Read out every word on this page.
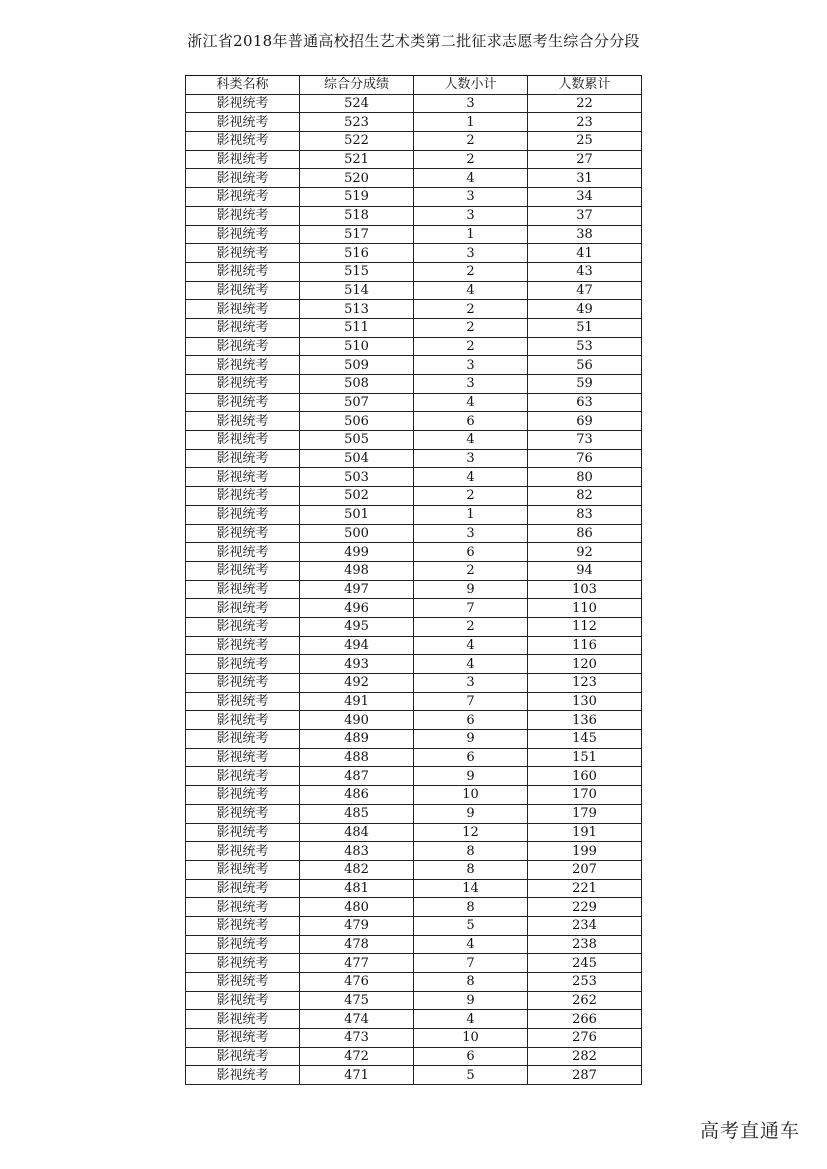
浙江省2018年普通高校招生艺术类第二批征求志愿考生综合分分段
科类名称	综合分成绩	人数小计	人数累计
影视统考	524	3	22
影视统考	523	1	23
影视统考	522	2	25
影视统考	521	2	27
影视统考	520	4	31
影视统考	519	3	34
影视统考	518	3	37
影视统考	517	1	38
影视统考	516	3	41
影视统考	515	2	43
影视统考	514	4	47
影视统考	513	2	49
影视统考	511	2	51
影视统考	510	2	53
影视统考	509	3	56
影视统考	508	3	59
影视统考	507	4	63
影视统考	506	6	69
影视统考	505	4	73
影视统考	504	3	76
影视统考	503	4	80
影视统考	502	2	82
影视统考	501	1	83
影视统考	500	3	86
影视统考	499	6	92
影视统考	498	2	94
影视统考	497	9	103
影视统考	496	7	110
影视统考	495	2	112
影视统考	494	4	116
影视统考	493	4	120
影视统考	492	3	123
影视统考	491	7	130
影视统考	490	6	136
影视统考	489	9	145
影视统考	488	6	151
影视统考	487	9	160
影视统考	486	10	170
影视统考	485	9	179
影视统考	484	12	191
影视统考	483	8	199
影视统考	482	8	207
影视统考	481	14	221
影视统考	480	8	229
影视统考	479	5	234
影视统考	478	4	238
影视统考	477	7	245
影视统考	476	8	253
影视统考	475	9	262
影视统考	474	4	266
影视统考	473	10	276
影视统考	472	6	282
影视统考	471	5	287
高考直通车
